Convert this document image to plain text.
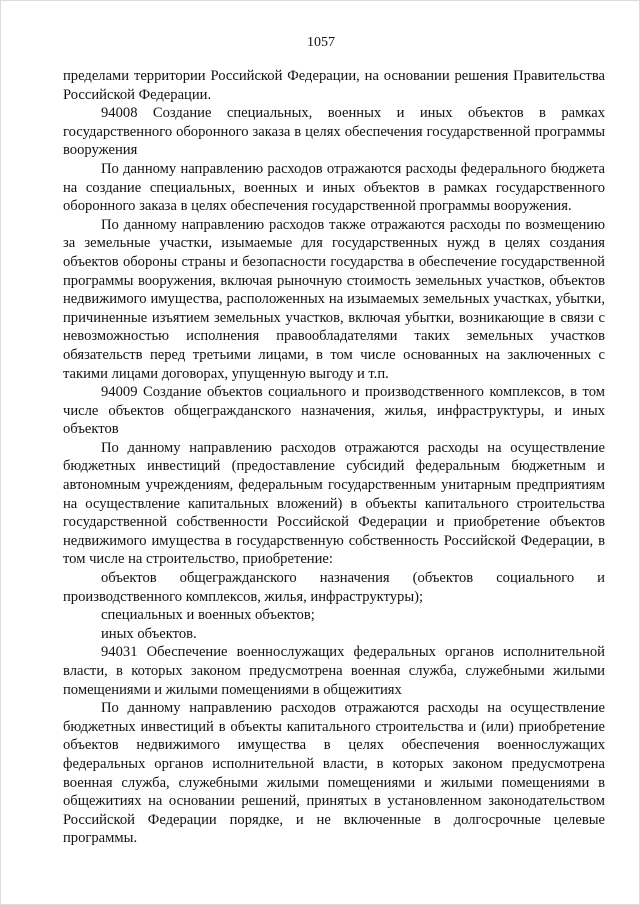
1057

пределами территории Российской Федерации, на основании решения Правительства Российской Федерации.

94008 Создание специальных, военных и иных объектов в рамках государственного оборонного заказа в целях обеспечения государственной программы вооружения

По данному направлению расходов отражаются расходы федерального бюджета на создание специальных, военных и иных объектов в рамках государственного оборонного заказа в целях обеспечения государственной программы вооружения.

По данному направлению расходов также отражаются расходы по возмещению за земельные участки, изымаемые для государственных нужд в целях создания объектов обороны страны и безопасности государства в обеспечение государственной программы вооружения, включая рыночную стоимость земельных участков, объектов недвижимого имущества, расположенных на изымаемых земельных участках, убытки, причиненные изъятием земельных участков, включая убытки, возникающие в связи с невозможностью исполнения правообладателями таких земельных участков обязательств перед третьими лицами, в том числе основанных на заключенных с такими лицами договорах, упущенную выгоду и т.п.

94009 Создание объектов социального и производственного комплексов, в том числе объектов общегражданского назначения, жилья, инфраструктуры, и иных объектов

По данному направлению расходов отражаются расходы на осуществление бюджетных инвестиций (предоставление субсидий федеральным бюджетным и автономным учреждениям, федеральным государственным унитарным предприятиям на осуществление капитальных вложений) в объекты капитального строительства государственной собственности Российской Федерации и приобретение объектов недвижимого имущества в государственную собственность Российской Федерации, в том числе на строительство, приобретение:

объектов общегражданского назначения (объектов социального и производственного комплексов, жилья, инфраструктуры);

специальных и военных объектов;

иных объектов.

94031 Обеспечение военнослужащих федеральных органов исполнительной власти, в которых законом предусмотрена военная служба, служебными жилыми помещениями и жилыми помещениями в общежитиях

По данному направлению расходов отражаются расходы на осуществление бюджетных инвестиций в объекты капитального строительства и (или) приобретение объектов недвижимого имущества в целях обеспечения военнослужащих федеральных органов исполнительной власти, в которых законом предусмотрена военная служба, служебными жилыми помещениями и жилыми помещениями в общежитиях на основании решений, принятых в установленном законодательством Российской Федерации порядке, и не включенные в долгосрочные целевые программы.
